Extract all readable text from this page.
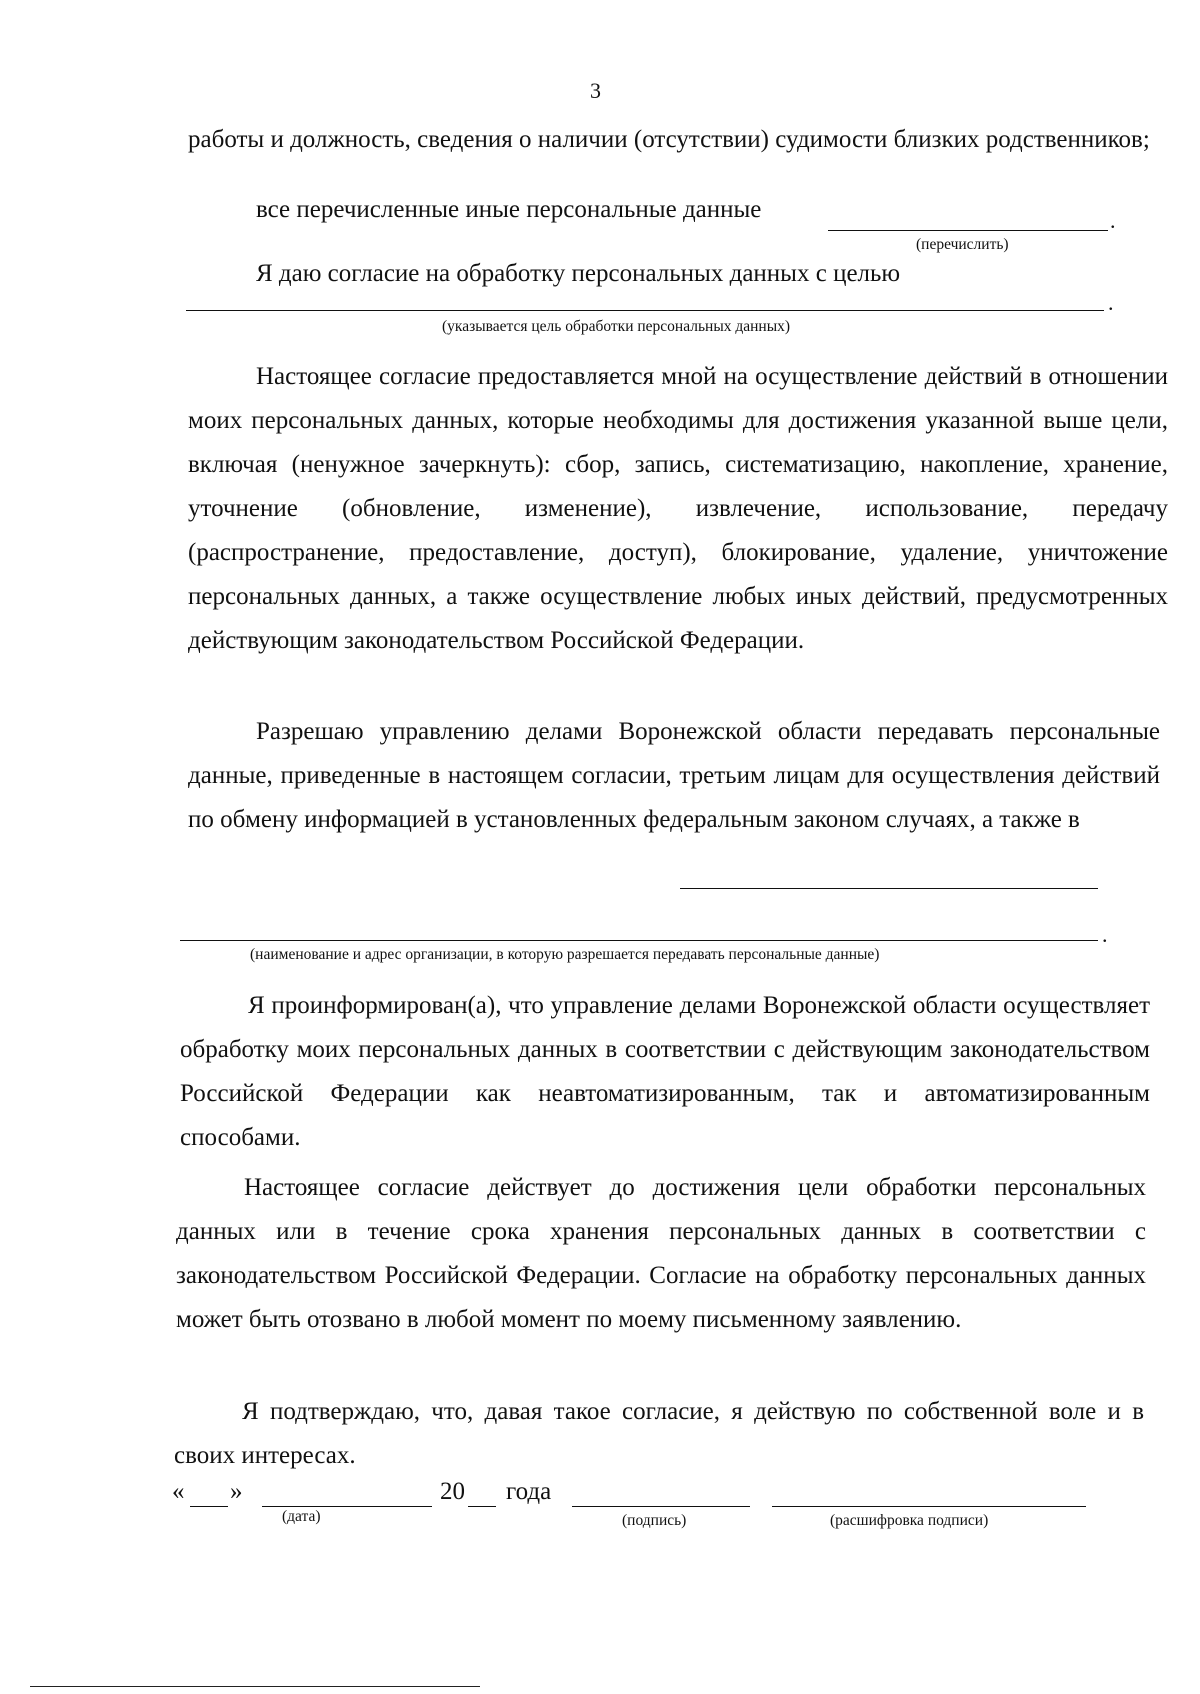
3
работы и должность, сведения о наличии (отсутствии) судимости близких родственников;
все перечисленные иные персональные данные	.
(перечислить)
Я даю согласие на обработку персональных данных с целью
.
(указывается цель обработки персональных данных)
Настоящее согласие предоставляется мной на осуществление действий в отношении моих персональных данных, которые необходимы для достижения указанной выше цели, включая (ненужное зачеркнуть): сбор, запись, систематизацию, накопление, хранение, уточнение (обновление, изменение), извлечение, использование, передачу (распространение, предоставление, доступ), блокирование, удаление, уничтожение персональных данных, а также осуществление любых иных действий, предусмотренных действующим законодательством Российской Федерации.
Разрешаю управлению делами Воронежской области передавать персональные данные, приведенные в настоящем согласии, третьим лицам для осуществления действий по обмену информацией в установленных федеральным законом случаях, а также в
.
(наименование и адрес организации, в которую разрешается передавать персональные данные)
Я проинформирован(а), что управление делами Воронежской области осуществляет обработку моих персональных данных в соответствии с действующим законодательством Российской Федерации как неавтоматизированным, так и автоматизированным способами.
Настоящее согласие действует до достижения цели обработки персональных данных или в течение срока хранения персональных данных в соответствии с законодательством Российской Федерации. Согласие на обработку персональных данных может быть отозвано в любой момент по моему письменному заявлению.
Я подтверждаю, что, давая такое согласие, я действую по собственной воле и в своих интересах.
« »	20 года
(дата)	(подпись)	(расшифровка подписи)
